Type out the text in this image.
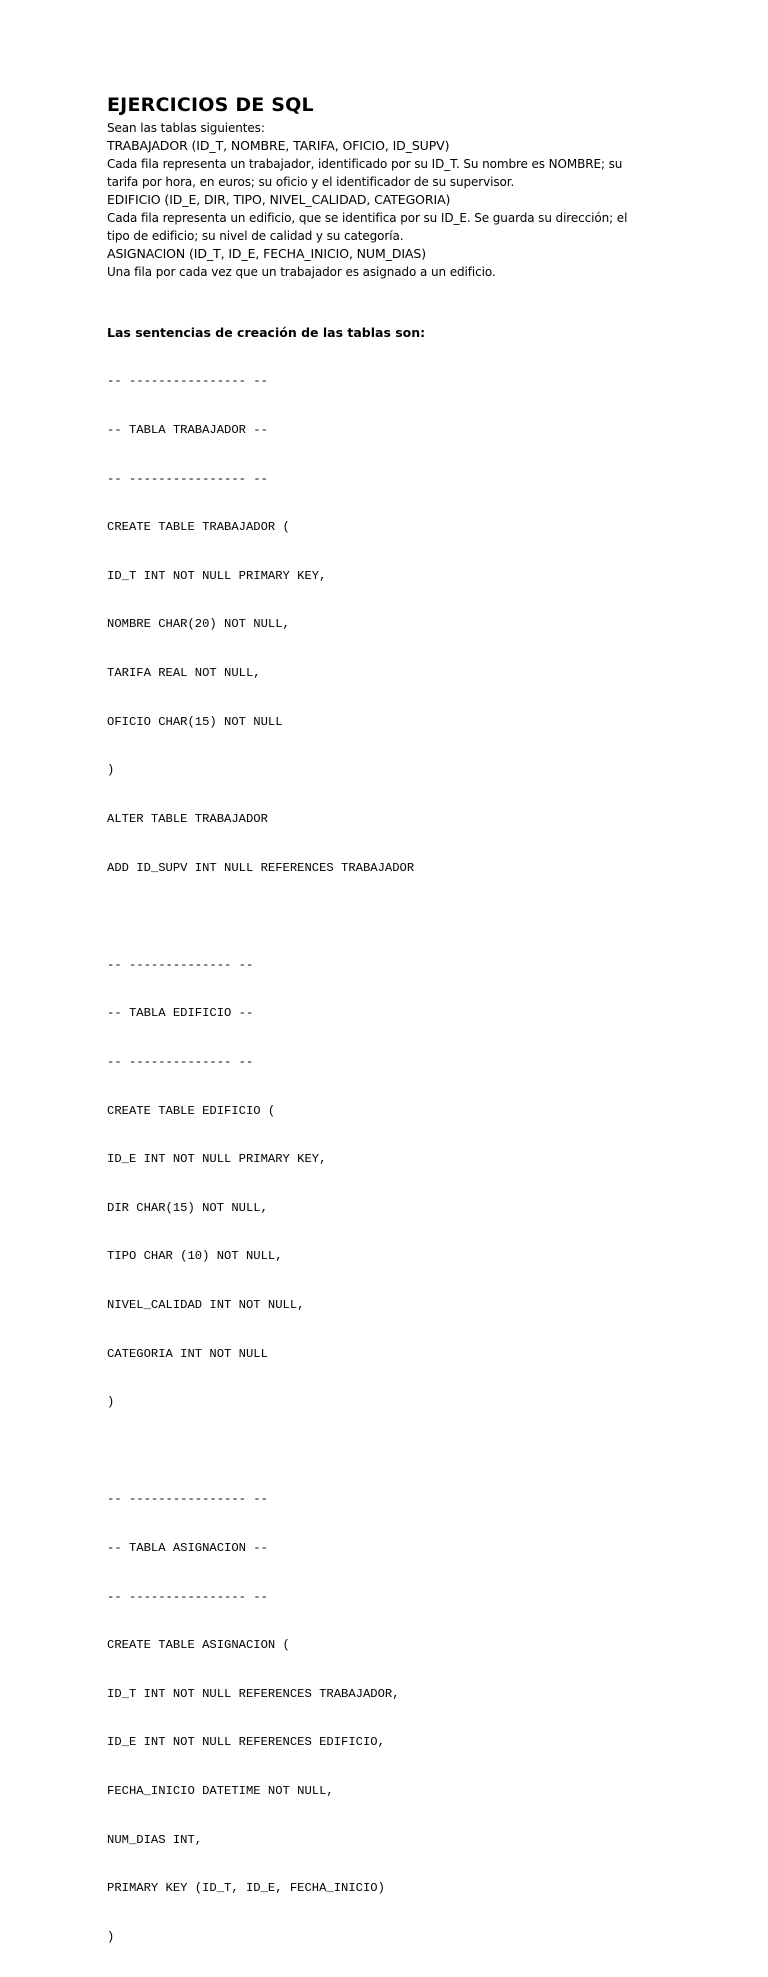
EJERCICIOS DE SQL

Sean las tablas siguientes:

TRABAJADOR (ID_T, NOMBRE, TARIFA, OFICIO, ID_SUPV)

Cada fila representa un trabajador, identificado por su ID_T. Su nombre es NOMBRE; su

tarifa por hora, en euros; su oficio y el identificador de su supervisor.

EDIFICIO (ID_E, DIR, TIPO, NIVEL_CALIDAD, CATEGORIA)

Cada fila representa un edificio, que se identifica por su ID_E. Se guarda su dirección; el

tipo de edificio; su nivel de calidad y su categoría.

ASIGNACION (ID_T, ID_E, FECHA_INICIO, NUM_DIAS)

Una fila por cada vez que un trabajador es asignado a un edificio.

Las sentencias de creación de las tablas son:

-- ---------------- --

-- TABLA TRABAJADOR --

-- ---------------- --

CREATE TABLE TRABAJADOR (

ID_T INT NOT NULL PRIMARY KEY,

NOMBRE CHAR(20) NOT NULL,

TARIFA REAL NOT NULL,

OFICIO CHAR(15) NOT NULL

)

ALTER TABLE TRABAJADOR

ADD ID_SUPV INT NULL REFERENCES TRABAJADOR

-- -------------- --

-- TABLA EDIFICIO --

-- -------------- --

CREATE TABLE EDIFICIO (

ID_E INT NOT NULL PRIMARY KEY,

DIR CHAR(15) NOT NULL,

TIPO CHAR (10) NOT NULL,

NIVEL_CALIDAD INT NOT NULL,

CATEGORIA INT NOT NULL

)

-- ---------------- --

-- TABLA ASIGNACION --

-- ---------------- --

CREATE TABLE ASIGNACION (

ID_T INT NOT NULL REFERENCES TRABAJADOR,

ID_E INT NOT NULL REFERENCES EDIFICIO,

FECHA_INICIO DATETIME NOT NULL,

NUM_DIAS INT,

PRIMARY KEY (ID_T, ID_E, FECHA_INICIO)

)
